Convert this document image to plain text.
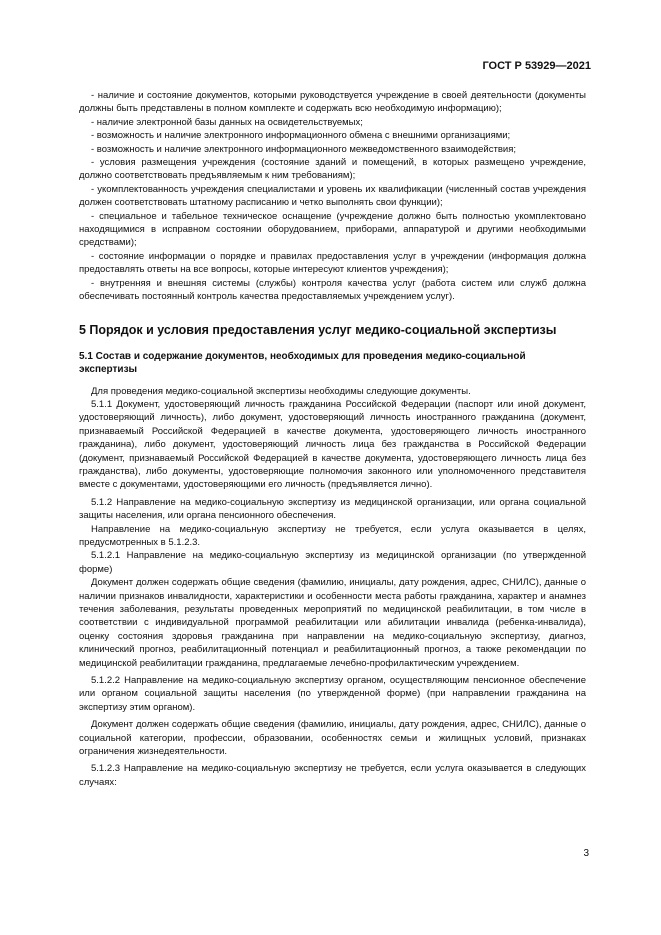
ГОСТ Р 53929—2021

- наличие и состояние документов, которыми руководствуется учреждение в своей деятельности (документы должны быть представлены в полном комплекте и содержать всю необходимую информацию);

- наличие электронной базы данных на освидетельствуемых;

- возможность и наличие электронного информационного обмена с внешними организациями;

- возможность и наличие электронного информационного межведомственного взаимодействия;

- условия размещения учреждения (состояние зданий и помещений, в которых размещено учреждение, должно соответствовать предъявляемым к ним требованиям);

- укомплектованность учреждения специалистами и уровень их квалификации (численный состав учреждения должен соответствовать штатному расписанию и четко выполнять свои функции);

- специальное и табельное техническое оснащение (учреждение должно быть полностью укомплектовано находящимися в исправном состоянии оборудованием, приборами, аппаратурой и другими необходимыми средствами);

- состояние информации о порядке и правилах предоставления услуг в учреждении (информация должна предоставлять ответы на все вопросы, которые интересуют клиентов учреждения);

- внутренняя и внешняя системы (службы) контроля качества услуг (работа систем или служб должна обеспечивать постоянный контроль качества предоставляемых учреждением услуг).

5 Порядок и условия предоставления услуг медико-социальной экспертизы
5.1 Состав и содержание документов, необходимых для проведения медико-социальной экспертизы

Для проведения медико-социальной экспертизы необходимы следующие документы.

5.1.1 Документ, удостоверяющий личность гражданина Российской Федерации (паспорт или иной документ, удостоверяющий личность), либо документ, удостоверяющий личность иностранного гражданина (документ, признаваемый Российской Федерацией в качестве документа, удостоверяющего личность иностранного гражданина), либо документ, удостоверяющий личность лица без гражданства в Российской Федерации (документ, признаваемый Российской Федерацией в качестве документа, удостоверяющего личность лица без гражданства), либо документы, удостоверяющие полномочия законного или уполномоченного представителя вместе с документами, удостоверяющими его личность (предъявляется лично).

5.1.2 Направление на медико-социальную экспертизу из медицинской организации, или органа социальной защиты населения, или органа пенсионного обеспечения.

Направление на медико-социальную экспертизу не требуется, если услуга оказывается в целях, предусмотренных в 5.1.2.3.

5.1.2.1 Направление на медико-социальную экспертизу из медицинской организации (по утвержденной форме)

Документ должен содержать общие сведения (фамилию, инициалы, дату рождения, адрес, СНИЛС), данные о наличии признаков инвалидности, характеристики и особенности места работы гражданина, характер и анамнез течения заболевания, результаты проведенных мероприятий по медицинской реабилитации, в том числе в соответствии с индивидуальной программой реабилитации или абилитации инвалида (ребенка-инвалида), оценку состояния здоровья гражданина при направлении на медико-социальную экспертизу, диагноз, клинический прогноз, реабилитационный потенциал и реабилитационный прогноз, а также рекомендации по медицинской реабилитации гражданина, предлагаемые лечебно-профилактическим учреждением.

5.1.2.2 Направление на медико-социальную экспертизу органом, осуществляющим пенсионное обеспечение или органом социальной защиты населения (по утвержденной форме) (при направлении гражданина на экспертизу этим органом).

Документ должен содержать общие сведения (фамилию, инициалы, дату рождения, адрес, СНИЛС), данные о социальной категории, профессии, образовании, особенностях семьи и жилищных условий, признаках ограничения жизнедеятельности.

5.1.2.3 Направление на медико-социальную экспертизу не требуется, если услуга оказывается в следующих случаях:

3
